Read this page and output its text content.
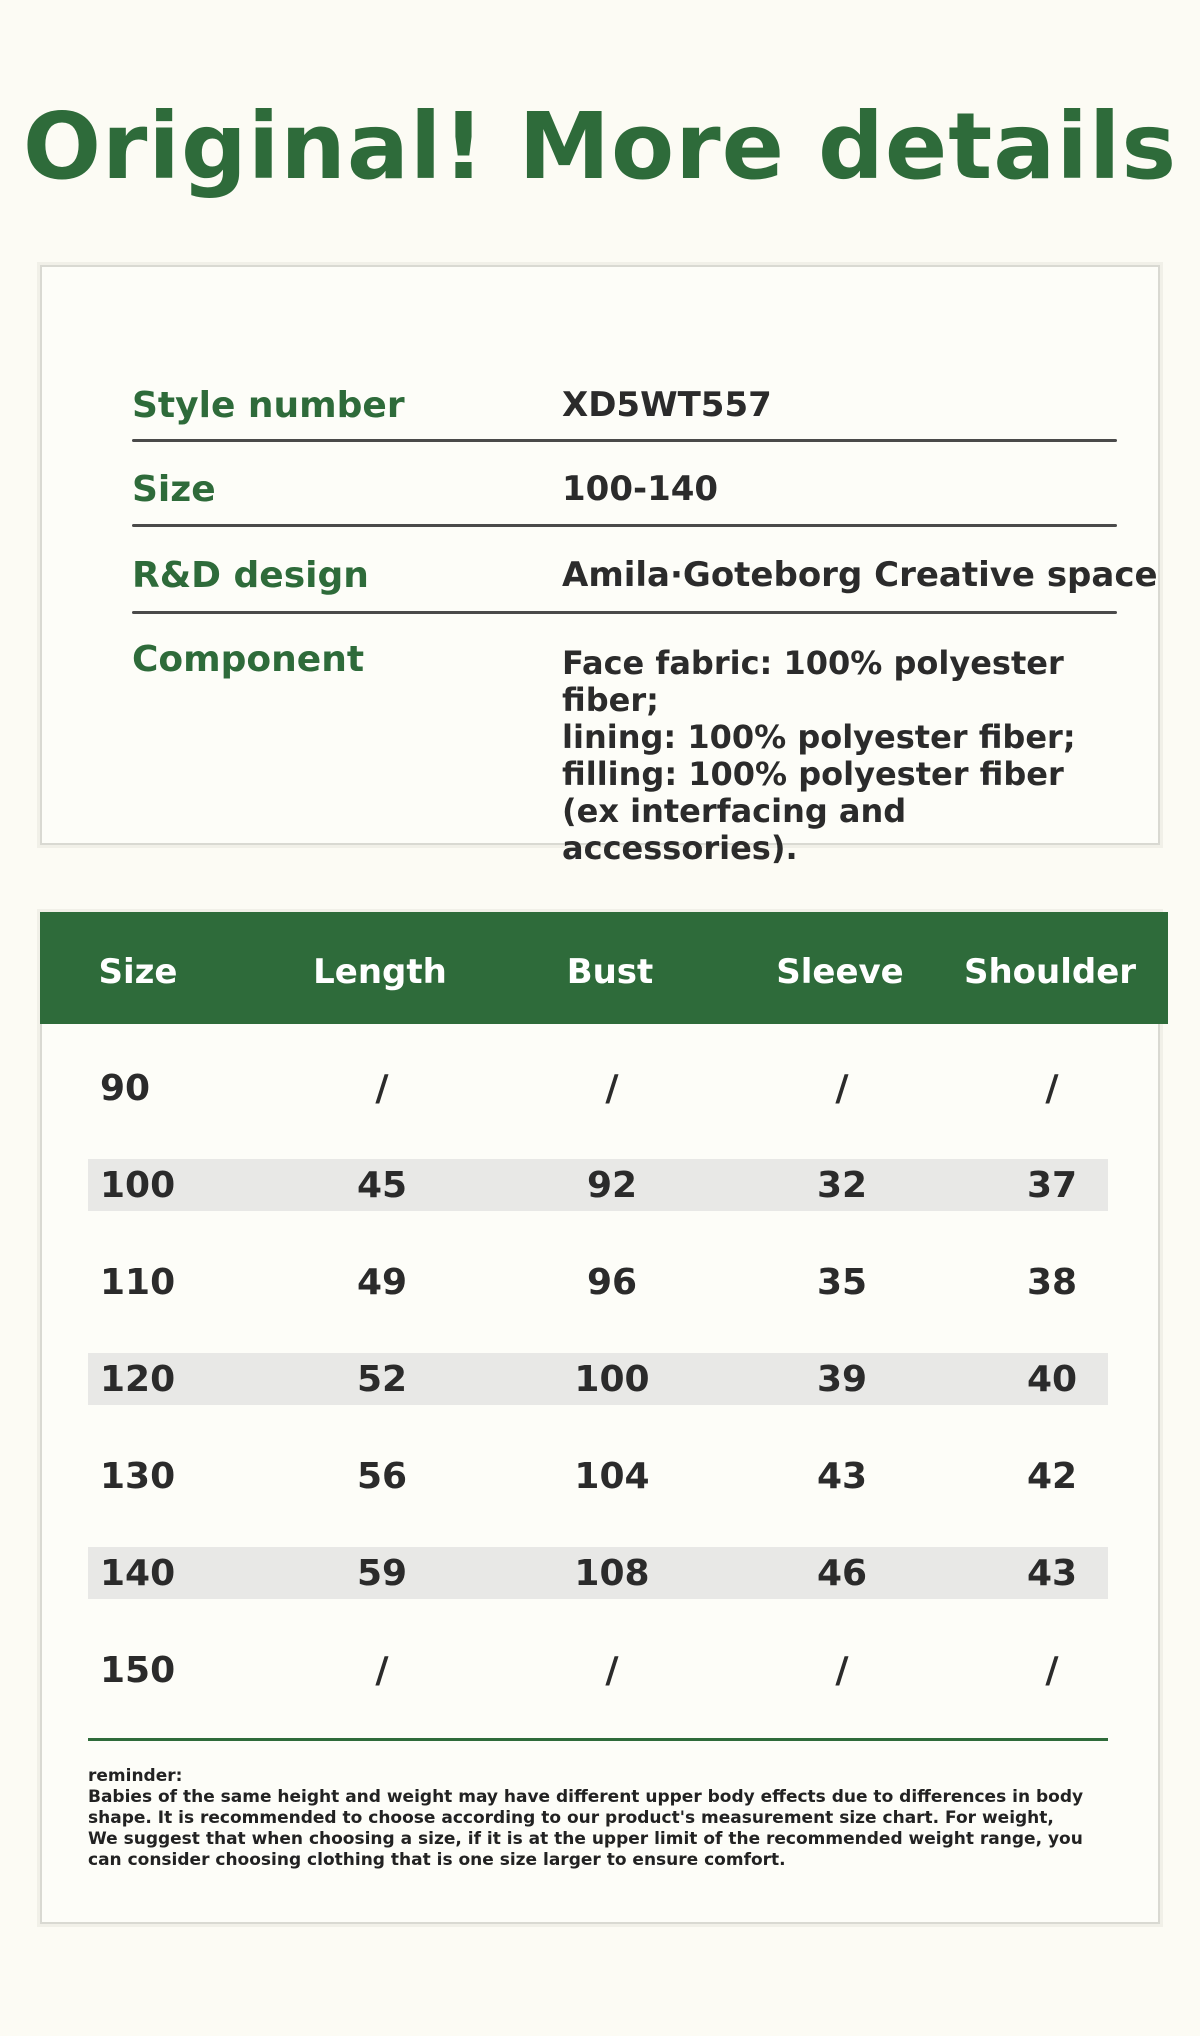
Original! More details
Style number	XD5WT557
Size	100-140
R&D design	Amila·Goteborg Creative space
Component	Face fabric: 100% polyester fiber;
lining: 100% polyester fiber;
filling: 100% polyester fiber
(ex interfacing and accessories).
Size	Length	Bust	Sleeve	Shoulder
90	/	/	/	/
100	45	92	32	37
110	49	96	35	38
120	52	100	39	40
130	56	104	43	42
140	59	108	46	43
150	/	/	/	/
reminder:
Babies of the same height and weight may have different upper body effects due to differences in body shape. It is recommended to choose according to our product's measurement size chart. For weight,
We suggest that when choosing a size, if it is at the upper limit of the recommended weight range, you can consider choosing clothing that is one size larger to ensure comfort.
